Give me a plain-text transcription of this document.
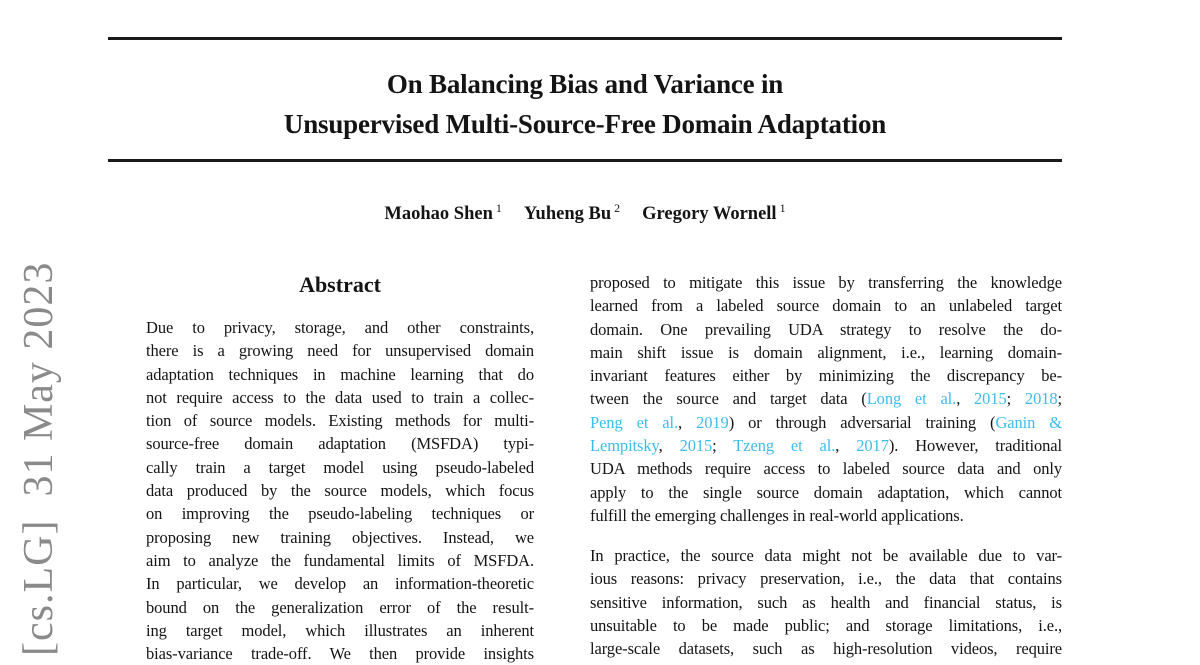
[cs.LG]  31 May 2023
On Balancing Bias and Variance in
Unsupervised Multi-Source-Free Domain Adaptation
Maohao Shen $^1$ Yuheng Bu $^2$ Gregory Wornell $^1$
Abstract
Due to privacy, storage, and other constraints,
there is a growing need for unsupervised domain
adaptation techniques in machine learning that do
not require access to the data used to train a collec-
tion of source models. Existing methods for multi-
source-free domain adaptation (MSFDA) typi-
cally train a target model using pseudo-labeled
data produced by the source models, which focus
on improving the pseudo-labeling techniques or
proposing new training objectives. Instead, we
aim to analyze the fundamental limits of MSFDA.
In particular, we develop an information-theoretic
bound on the generalization error of the result-
ing target model, which illustrates an inherent
bias-variance trade-off. We then provide insights
proposed to mitigate this issue by transferring the knowledge
learned from a labeled source domain to an unlabeled target
domain. One prevailing UDA strategy to resolve the do-
main shift issue is domain alignment, i.e., learning domain-
invariant features either by minimizing the discrepancy be-
tween the source and target data (Long et al., 2015; 2018;
Peng et al., 2019) or through adversarial training (Ganin &
Lempitsky, 2015; Tzeng et al., 2017). However, traditional
UDA methods require access to labeled source data and only
apply to the single source domain adaptation, which cannot
fulfill the emerging challenges in real-world applications.
In practice, the source data might not be available due to var-
ious reasons: privacy preservation, i.e., the data that contains
sensitive information, such as health and financial status, is
unsuitable to be made public; and storage limitations, i.e.,
large-scale datasets, such as high-resolution videos, require
